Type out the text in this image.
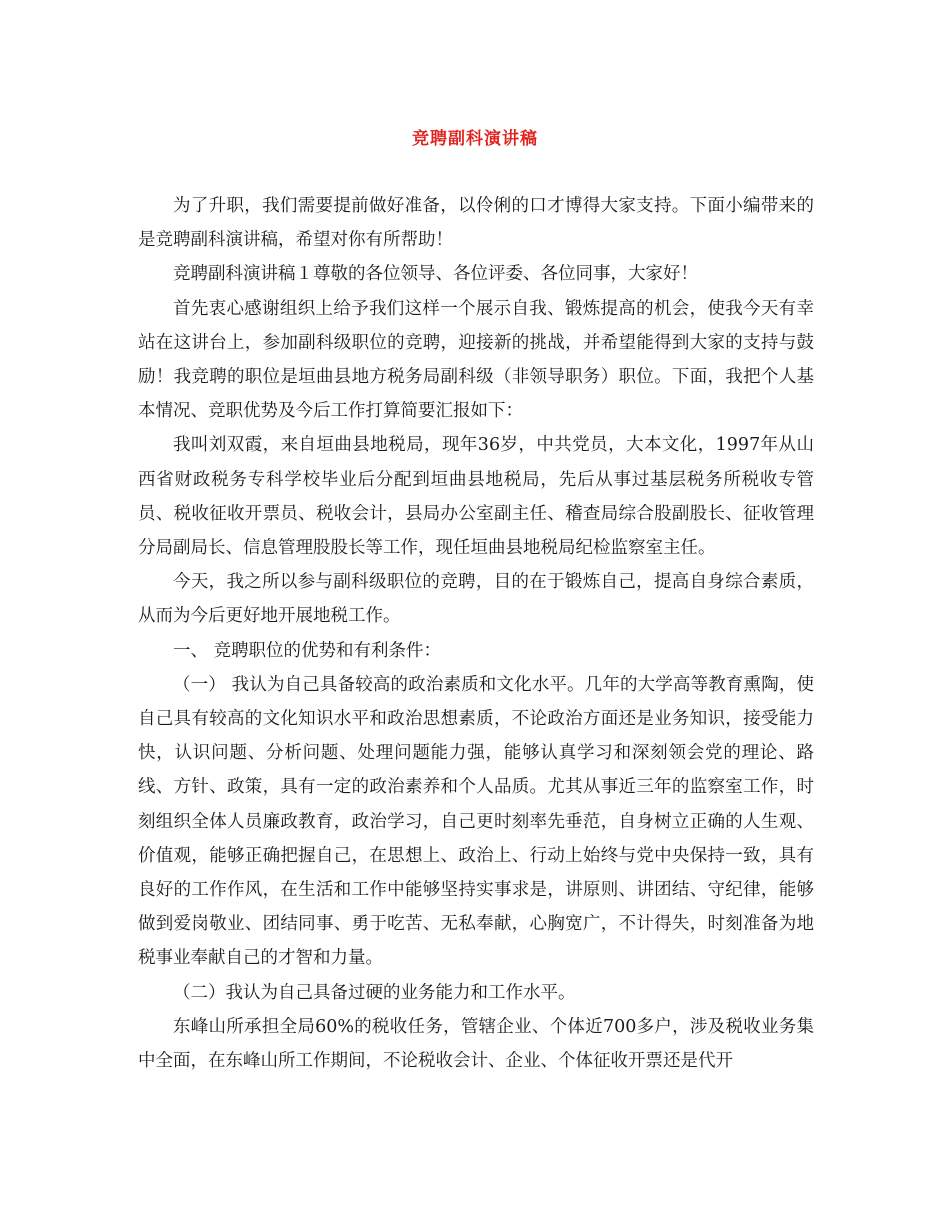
竞聘副科演讲稿

为了升职，我们需要提前做好准备，以伶俐的口才博得大家支持。下面小编带来的是竞聘副科演讲稿，希望对你有所帮助！

竞聘副科演讲稿１尊敬的各位领导、各位评委、各位同事，大家好！

首先衷心感谢组织上给予我们这样一个展示自我、锻炼提高的机会，使我今天有幸站在这讲台上，参加副科级职位的竞聘，迎接新的挑战，并希望能得到大家的支持与鼓励！我竞聘的职位是垣曲县地方税务局副科级（非领导职务）职位。下面，我把个人基本情况、竞职优势及今后工作打算简要汇报如下：

我叫刘双霞，来自垣曲县地税局，现年36岁，中共党员，大本文化，1997年从山西省财政税务专科学校毕业后分配到垣曲县地税局，先后从事过基层税务所税收专管员、税收征收开票员、税收会计，县局办公室副主任、稽查局综合股副股长、征收管理分局副局长、信息管理股股长等工作，现任垣曲县地税局纪检监察室主任。

今天，我之所以参与副科级职位的竞聘，目的在于锻炼自己，提高自身综合素质，从而为今后更好地开展地税工作。

一、 竞聘职位的优势和有利条件：

（一） 我认为自己具备较高的政治素质和文化水平。几年的大学高等教育熏陶，使自己具有较高的文化知识水平和政治思想素质，不论政治方面还是业务知识，接受能力快，认识问题、分析问题、处理问题能力强，能够认真学习和深刻领会党的理论、路线、方针、政策，具有一定的政治素养和个人品质。尤其从事近三年的监察室工作，时刻组织全体人员廉政教育，政治学习，自己更时刻率先垂范，自身树立正确的人生观、价值观，能够正确把握自己，在思想上、政治上、行动上始终与党中央保持一致，具有良好的工作作风，在生活和工作中能够坚持实事求是，讲原则、讲团结、守纪律，能够做到爱岗敬业、团结同事、勇于吃苦、无私奉献，心胸宽广，不计得失，时刻准备为地税事业奉献自己的才智和力量。

（二）我认为自己具备过硬的业务能力和工作水平。

东峰山所承担全局60%的税收任务，管辖企业、个体近700多户，涉及税收业务集中全面，在东峰山所工作期间，不论税收会计、企业、个体征收开票还是代开
